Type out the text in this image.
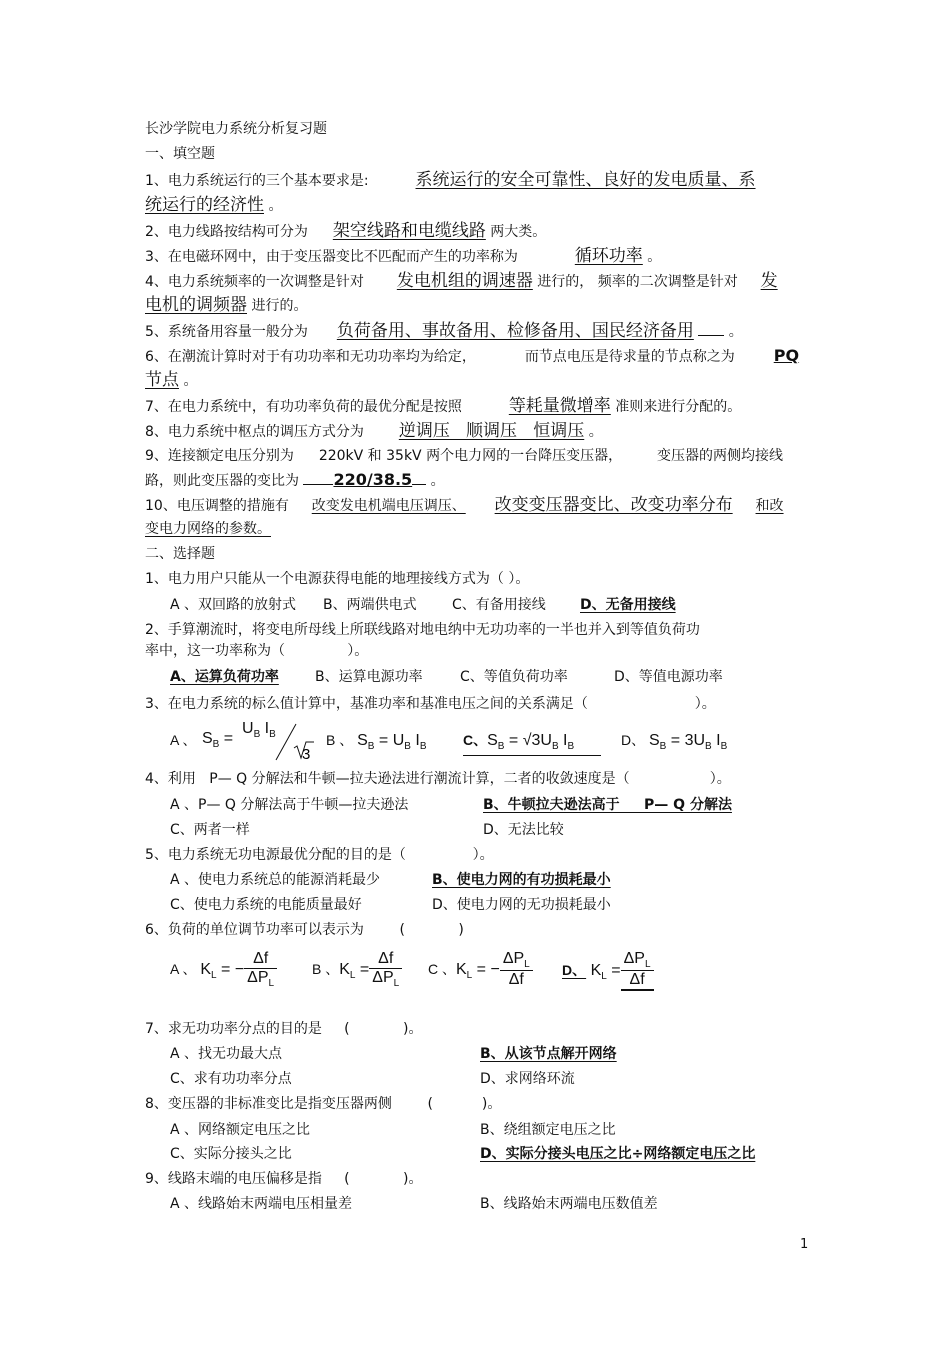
长沙学院电力系统分析复习题
一、填空题
1、电力系统运行的三个基本要求是:	系统运行的安全可靠性、良好的发电质量、系
统运行的经济性 。
2、电力线路按结构可分为 架空线路和电缆线路 两大类。
3、在电磁环网中，由于变压器变比不匹配而产生的功率称为	循环功率 。
4、电力系统频率的一次调整是针对 发电机组的调速器 进行的， 频率的二次调整是针对 发
电机的调频器 进行的。
5、系统备用容量一般分为 负荷备用、事故备用、检修备用、国民经济备用 。
6、在潮流计算时对于有功功率和无功功率均为给定，	而节点电压是待求量的节点称之为 PQ
节点 。
7、在电力系统中，有功功率负荷的最优分配是按照	等耗量微增率 准则来进行分配的。
8、电力系统中枢点的调压方式分为 逆调压   顺调压   恒调压 。
9、连接额定电压分别为 220kV 和 35kV 两个电力网的一台降压变压器， 变压器的两侧均接线
路，则此变压器的变比为 220/38.5 。
10、电压调整的措施有 改变发电机端电压调压、 改变变压器变比、改变功率分布 和改
变电力网络的参数。
二、选择题
1、电力用户只能从一个电源获得电能的地理接线方式为（ ）。
A 、双回路的放射式 B、两端供电式	C、有备用接线 D、无备用接线
2、手算潮流时，将变电所母线上所联线路对地电纳中无功功率的一半也并入到等值负荷功
率中，这一功率称为（              ）。
A、运算负荷功率	B、运算电源功率	C、等值负荷功率	D、等值电源功率
3、在电力系统的标么值计算中，基准功率和基准电压之间的关系满足（                        ）。
A 、 $S_B$ =
$U_B$ $I_B$
3
B 、 $S_B = U_B$ $I_B$	C、$S_B = √3U_B$ $I_B$	D、 $S_B = 3U_B$ $I_B$
4、利用   P— Q 分解法和牛顿—拉夫逊法进行潮流计算，二者的收敛速度是（                  ）。
A 、P— Q 分解法高于牛顿—拉夫逊法	B、牛顿拉夫逊法高于     P— Q 分解法
C、两者一样	D、无法比较
5、电力系统无功电源最优分配的目的是（               ）。
A 、使电力系统总的能源消耗最少	B、使电力网的有功损耗最小
C、使电力系统的电能质量最好	D、使电力网的无功损耗最小
6、负荷的单位调节功率可以表示为        (            )
A 、 $K_L$ = − $\frac{\Delta f}{\Delta P_L}$ B 、$K_L = \frac{\Delta f}{\Delta P_L}$ C 、$K_L$ = − $\frac{\Delta P_L}{\Delta f}$ D、 $K_L = \frac{\Delta P_L}{\Delta f}$
7、求无功功率分点的目的是     (            )。
A 、找无功最大点	B、从该节点解开网络
C、求有功功率分点	D、求网络环流
8、变压器的非标准变比是指变压器两侧        (           )。
A 、网络额定电压之比	B、绕组额定电压之比
C、实际分接头之比	D、实际分接头电压之比÷网络额定电压之比
9、线路末端的电压偏移是指     (            )。
A 、线路始末两端电压相量差	B、线路始末两端电压数值差
1
